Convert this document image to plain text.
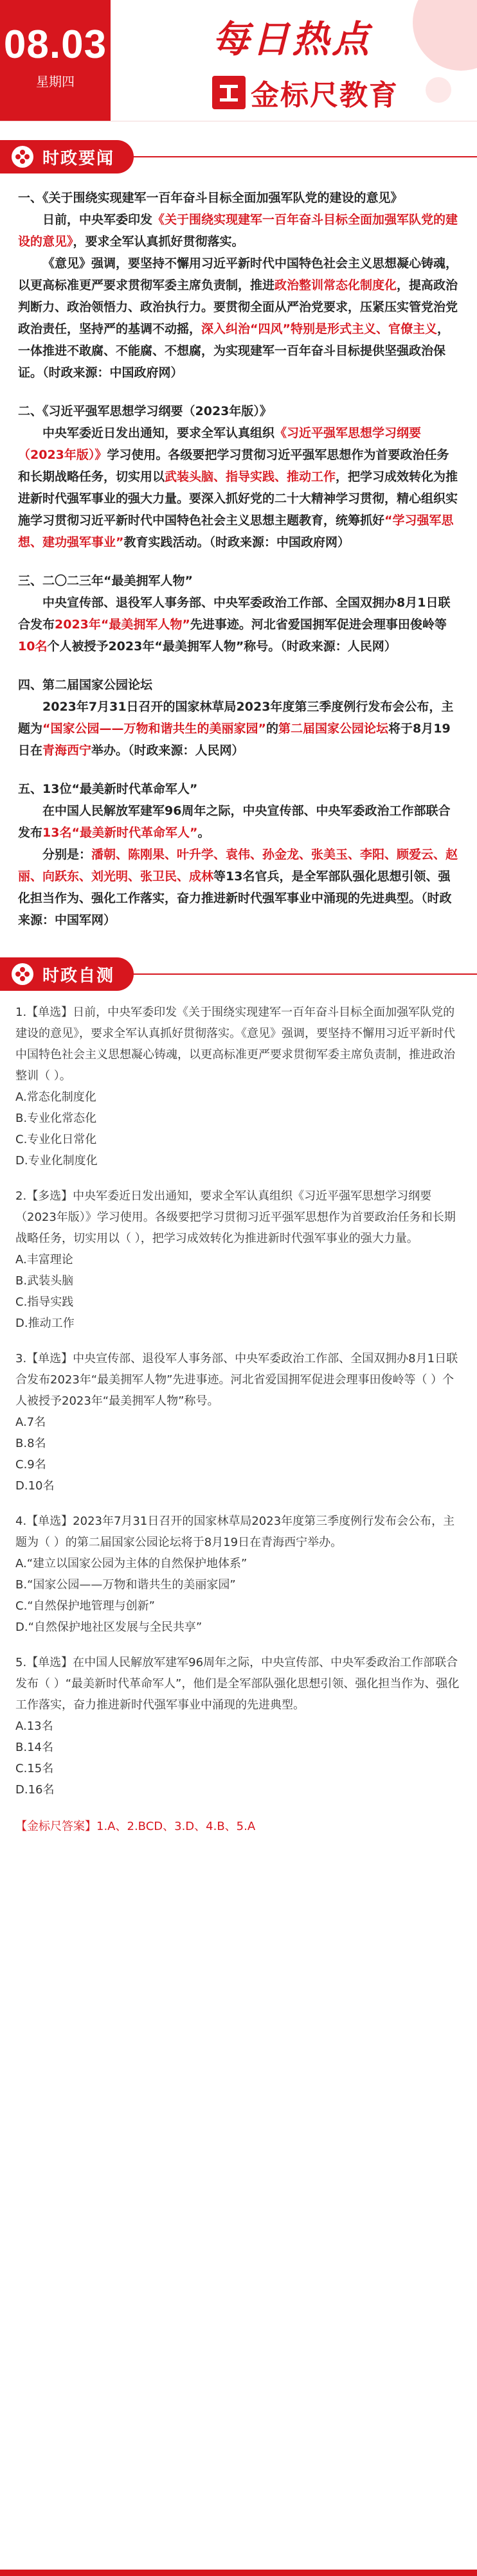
08.03
星期四
每日热点
金标尺教育
时政要闻

一、《关于围绕实现建军一百年奋斗目标全面加强军队党的建设的意见》

日前，中央军委印发《关于围绕实现建军一百年奋斗目标全面加强军队党的建设的意见》，要求全军认真抓好贯彻落实。

《意见》强调，要坚持不懈用习近平新时代中国特色社会主义思想凝心铸魂，以更高标准更严要求贯彻军委主席负责制，推进政治整训常态化制度化，提高政治判断力、政治领悟力、政治执行力。要贯彻全面从严治党要求，压紧压实管党治党政治责任，坚持严的基调不动摇，深入纠治“四风”特别是形式主义、官僚主义，一体推进不敢腐、不能腐、不想腐，为实现建军一百年奋斗目标提供坚强政治保证。（时政来源：中国政府网）

二、《习近平强军思想学习纲要（2023年版）》

中央军委近日发出通知，要求全军认真组织《习近平强军思想学习纲要（2023年版）》学习使用。各级要把学习贯彻习近平强军思想作为首要政治任务和长期战略任务，切实用以武装头脑、指导实践、推动工作，把学习成效转化为推进新时代强军事业的强大力量。要深入抓好党的二十大精神学习贯彻，精心组织实施学习贯彻习近平新时代中国特色社会主义思想主题教育，统筹抓好“学习强军思想、建功强军事业”教育实践活动。（时政来源：中国政府网）

三、二〇二三年“最美拥军人物”

中央宣传部、退役军人事务部、中央军委政治工作部、全国双拥办8月1日联合发布2023年“最美拥军人物”先进事迹。河北省爱国拥军促进会理事田俊岭等10名个人被授予2023年“最美拥军人物”称号。（时政来源：人民网）

四、第二届国家公园论坛

2023年7月31日召开的国家林草局2023年度第三季度例行发布会公布，主题为“国家公园——万物和谐共生的美丽家园”的第二届国家公园论坛将于8月19日在青海西宁举办。（时政来源：人民网）

五、13位“最美新时代革命军人”

在中国人民解放军建军96周年之际，中央宣传部、中央军委政治工作部联合发布13名“最美新时代革命军人”。

分别是：潘朝、陈刚果、叶升学、袁伟、孙金龙、张美玉、李阳、顾爱云、赵丽、向跃东、刘光明、张卫民、成林等13名官兵，是全军部队强化思想引领、强化担当作为、强化工作落实，奋力推进新时代强军事业中涌现的先进典型。（时政来源：中国军网）

时政自测

1.【单选】日前，中央军委印发《关于围绕实现建军一百年奋斗目标全面加强军队党的建设的意见》，要求全军认真抓好贯彻落实。《意见》强调，要坚持不懈用习近平新时代中国特色社会主义思想凝心铸魂，以更高标准更严要求贯彻军委主席负责制，推进政治整训（ ）。

A.常态化制度化

B.专业化常态化

C.专业化日常化

D.专业化制度化

2.【多选】中央军委近日发出通知，要求全军认真组织《习近平强军思想学习纲要（2023年版）》学习使用。各级要把学习贯彻习近平强军思想作为首要政治任务和长期战略任务，切实用以（ ），把学习成效转化为推进新时代强军事业的强大力量。

A.丰富理论

B.武装头脑

C.指导实践

D.推动工作

3.【单选】中央宣传部、退役军人事务部、中央军委政治工作部、全国双拥办8月1日联合发布2023年“最美拥军人物”先进事迹。河北省爱国拥军促进会理事田俊岭等（ ）个人被授予2023年“最美拥军人物”称号。

A.7名

B.8名

C.9名

D.10名

4.【单选】2023年7月31日召开的国家林草局2023年度第三季度例行发布会公布，主题为（ ）的第二届国家公园论坛将于8月19日在青海西宁举办。

A.“建立以国家公园为主体的自然保护地体系”

B.“国家公园——万物和谐共生的美丽家园”

C.“自然保护地管理与创新”

D.“自然保护地社区发展与全民共享”

5.【单选】在中国人民解放军建军96周年之际，中央宣传部、中央军委政治工作部联合发布（ ）“最美新时代革命军人”，他们是全军部队强化思想引领、强化担当作为、强化工作落实，奋力推进新时代强军事业中涌现的先进典型。

A.13名

B.14名

C.15名

D.16名

【金标尺答案】1.A、2.BCD、3.D、4.B、5.A
